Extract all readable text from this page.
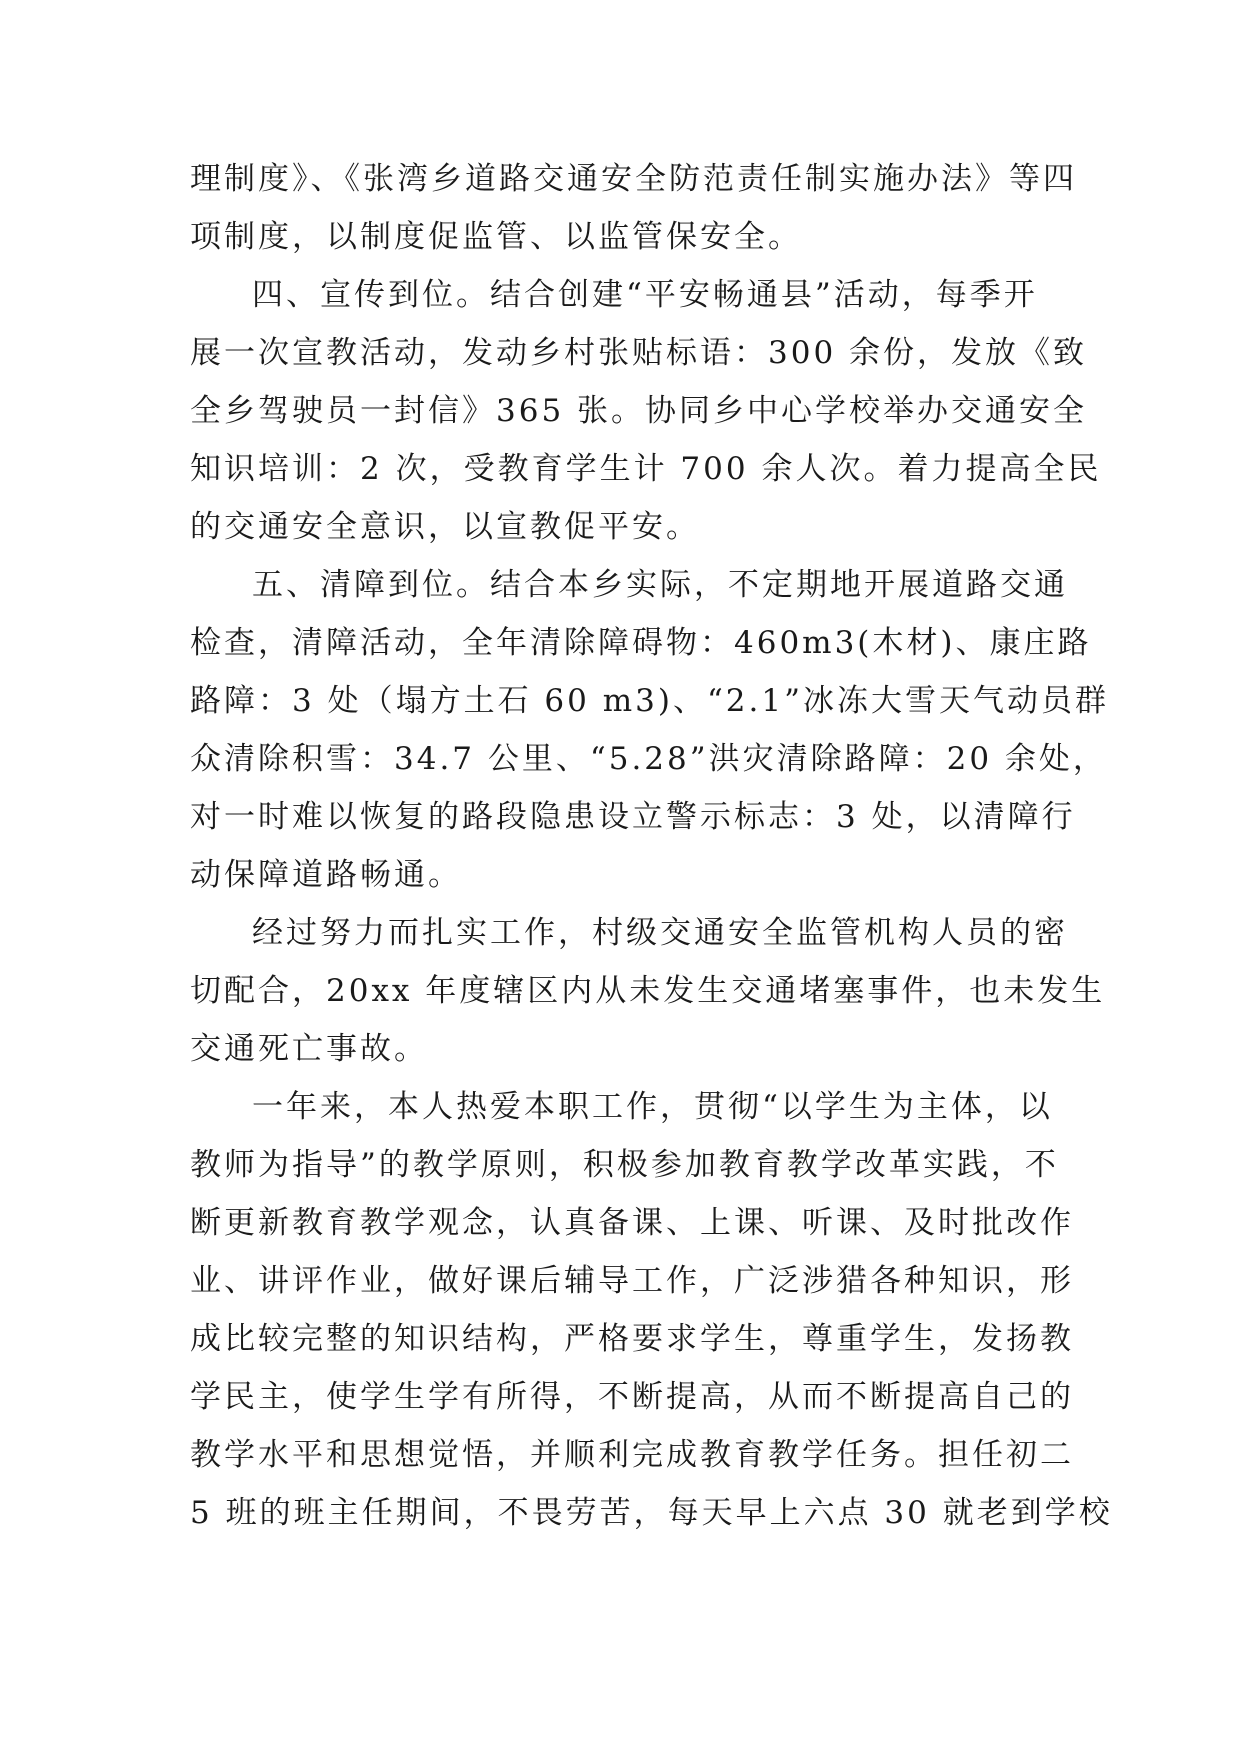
理制度》、《张湾乡道路交通安全防范责任制实施办法》等四
项制度，以制度促监管、以监管保安全。
四、宣传到位。结合创建“平安畅通县”活动，每季开
展一次宣教活动，发动乡村张贴标语：300 余份，发放《致
全乡驾驶员一封信》365 张。协同乡中心学校举办交通安全
知识培训：2 次，受教育学生计 700 余人次。着力提高全民
的交通安全意识，以宣教促平安。
五、清障到位。结合本乡实际，不定期地开展道路交通
检查，清障活动，全年清除障碍物：460m3(木材)、康庄路
路障：3 处（塌方土石 60 m3)、“2.1”冰冻大雪天气动员群
众清除积雪：34.7 公里、“5.28”洪灾清除路障：20 余处，
对一时难以恢复的路段隐患设立警示标志：3 处，以清障行
动保障道路畅通。
经过努力而扎实工作，村级交通安全监管机构人员的密
切配合，20xx 年度辖区内从未发生交通堵塞事件，也未发生
交通死亡事故。
一年来，本人热爱本职工作，贯彻“以学生为主体，以
教师为指导”的教学原则，积极参加教育教学改革实践，不
断更新教育教学观念，认真备课、上课、听课、及时批改作
业、讲评作业，做好课后辅导工作，广泛涉猎各种知识，形
成比较完整的知识结构，严格要求学生，尊重学生，发扬教
学民主，使学生学有所得，不断提高，从而不断提高自己的
教学水平和思想觉悟，并顺利完成教育教学任务。担任初二
5 班的班主任期间，不畏劳苦，每天早上六点 30 就老到学校
